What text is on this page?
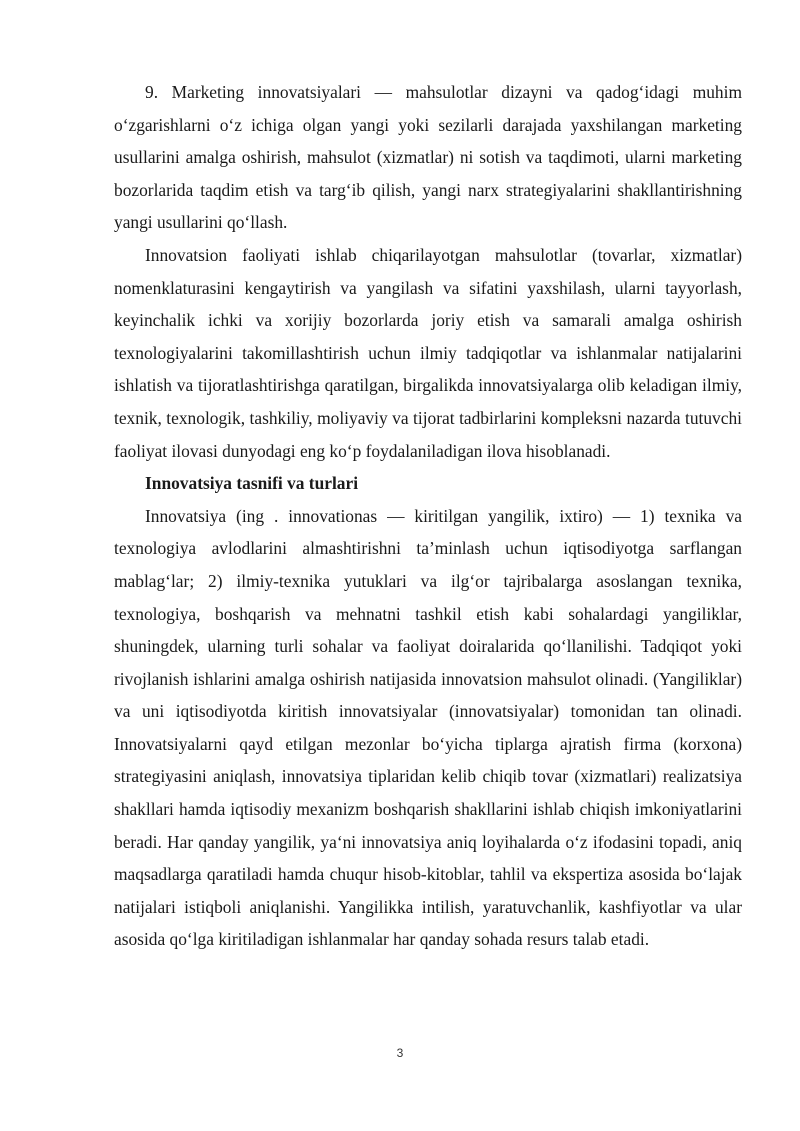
9. Marketing innovatsiyalari — mahsulotlar dizayni va qadog‘idagi muhim o‘zgarishlarni o‘z ichiga olgan yangi yoki sezilarli darajada yaxshilangan marketing usullarini amalga oshirish, mahsulot (xizmatlar) ni sotish va taqdimoti, ularni marketing bozorlarida taqdim etish va targ‘ib qilish, yangi narx strategiyalarini shakllantirishning yangi usullarini qo‘llash.

Innovatsion faoliyati ishlab chiqarilayotgan mahsulotlar (tovarlar, xizmatlar) nomenklaturasini kengaytirish va yangilash va sifatini yaxshilash, ularni tayyorlash, keyinchalik ichki va xorijiy bozorlarda joriy etish va samarali amalga oshirish texnologiyalarini takomillashtirish uchun ilmiy tadqiqotlar va ishlanmalar natijalarini ishlatish va tijoratlashtirishga qaratilgan, birgalikda innovatsiyalarga olib keladigan ilmiy, texnik, texnologik, tashkiliy, moliyaviy va tijorat tadbirlarini kompleksni nazarda tutuvchi faoliyat ilovasi dunyodagi eng ko‘p foydalaniladigan ilova hisoblanadi.

Innovatsiya tasnifi va turlari

Innovatsiya (ing . innovationas — kiritilgan yangilik, ixtiro) — 1) texnika va texnologiya avlodlarini almashtirishni ta’minlash uchun iqtisodiyotga sarflangan mablag‘lar; 2) ilmiy-texnika yutuklari va ilg‘or tajribalarga asoslangan texnika, texnologiya, boshqarish va mehnatni tashkil etish kabi sohalardagi yangiliklar, shuningdek, ularning turli sohalar va faoliyat doiralarida qo‘llanilishi. Tadqiqot yoki rivojlanish ishlarini amalga oshirish natijasida innovatsion mahsulot olinadi. (Yangiliklar) va uni iqtisodiyotda kiritish innovatsiyalar (innovatsiyalar) tomonidan tan olinadi. Innovatsiyalarni qayd etilgan mezonlar bo‘yicha tiplarga ajratish firma (korxona) strategiyasini aniqlash, innovatsiya tiplaridan kelib chiqib tovar (xizmatlari) realizatsiya shakllari hamda iqtisodiy mexanizm boshqarish shakllarini ishlab chiqish imkoniyatlarini beradi. Har qanday yangilik, ya‘ni innovatsiya aniq loyihalarda o‘z ifodasini topadi, aniq maqsadlarga qaratiladi hamda chuqur hisob-kitoblar, tahlil va ekspertiza asosida bo‘lajak natijalari istiqboli aniqlanishi. Yangilikka intilish, yaratuvchanlik, kashfiyotlar va ular asosida qo‘lga kiritiladigan ishlanmalar har qanday sohada resurs talab etadi.

3
